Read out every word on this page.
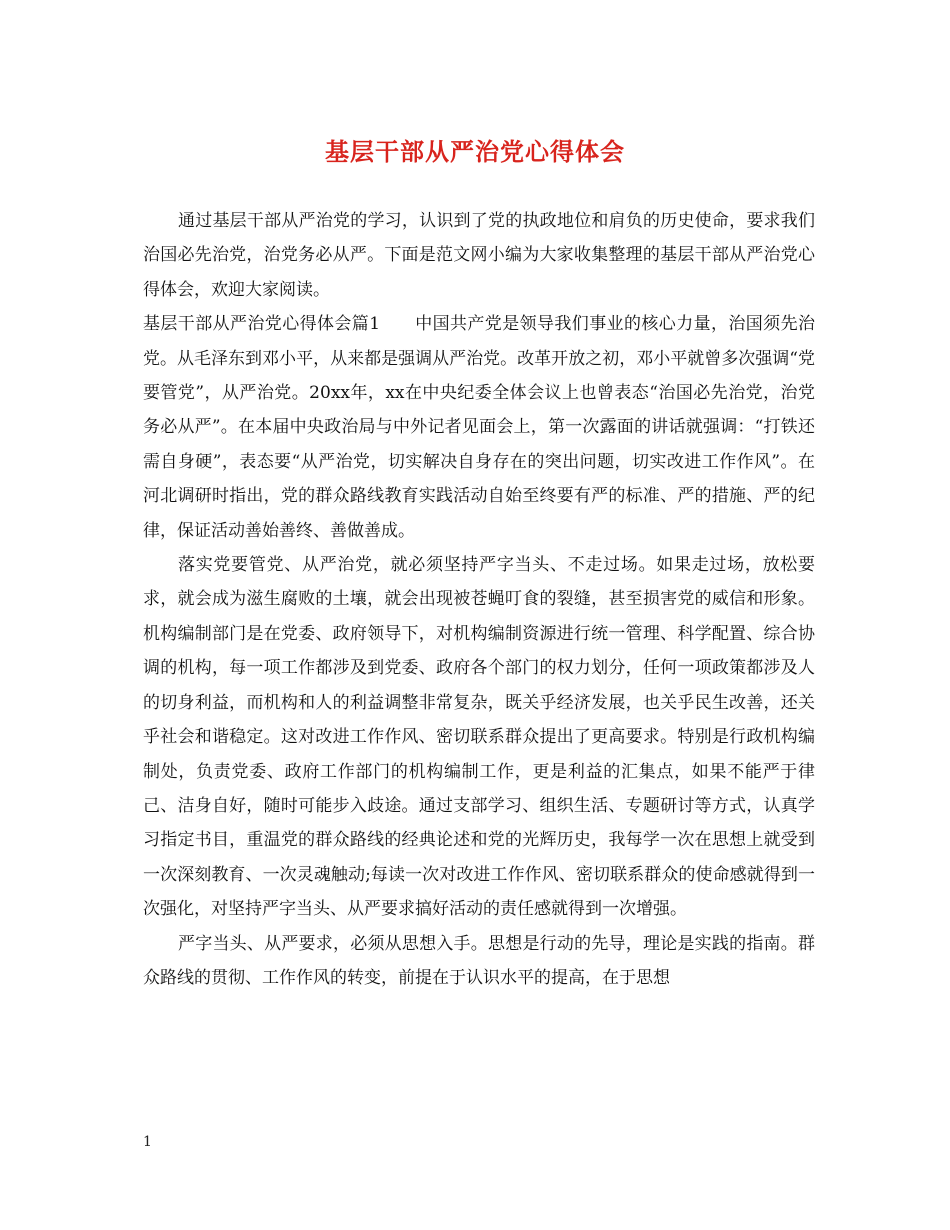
基层干部从严治党心得体会

通过基层干部从严治党的学习，认识到了党的执政地位和肩负的历史使命，要求我们治国必先治党，治党务必从严。下面是范文网小编为大家收集整理的基层干部从严治党心得体会，欢迎大家阅读。

基层干部从严治党心得体会篇1　　中国共产党是领导我们事业的核心力量，治国须先治党。从毛泽东到邓小平，从来都是强调从严治党。改革开放之初，邓小平就曾多次强调“党要管党”，从严治党。20xx年，xx在中央纪委全体会议上也曾表态“治国必先治党，治党务必从严”。在本届中央政治局与中外记者见面会上，第一次露面的讲话就强调：“打铁还需自身硬”，表态要“从严治党，切实解决自身存在的突出问题，切实改进工作作风”。在河北调研时指出，党的群众路线教育实践活动自始至终要有严的标准、严的措施、严的纪律，保证活动善始善终、善做善成。

落实党要管党、从严治党，就必须坚持严字当头、不走过场。如果走过场，放松要求，就会成为滋生腐败的土壤，就会出现被苍蝇叮食的裂缝，甚至损害党的威信和形象。机构编制部门是在党委、政府领导下，对机构编制资源进行统一管理、科学配置、综合协调的机构，每一项工作都涉及到党委、政府各个部门的权力划分，任何一项政策都涉及人的切身利益，而机构和人的利益调整非常复杂，既关乎经济发展，也关乎民生改善，还关乎社会和谐稳定。这对改进工作作风、密切联系群众提出了更高要求。特别是行政机构编制处，负责党委、政府工作部门的机构编制工作，更是利益的汇集点，如果不能严于律己、洁身自好，随时可能步入歧途。通过支部学习、组织生活、专题研讨等方式，认真学习指定书目，重温党的群众路线的经典论述和党的光辉历史，我每学一次在思想上就受到一次深刻教育、一次灵魂触动;每读一次对改进工作作风、密切联系群众的使命感就得到一次强化，对坚持严字当头、从严要求搞好活动的责任感就得到一次增强。

严字当头、从严要求，必须从思想入手。思想是行动的先导，理论是实践的指南。群众路线的贯彻、工作作风的转变，前提在于认识水平的提高，在于思想

1
